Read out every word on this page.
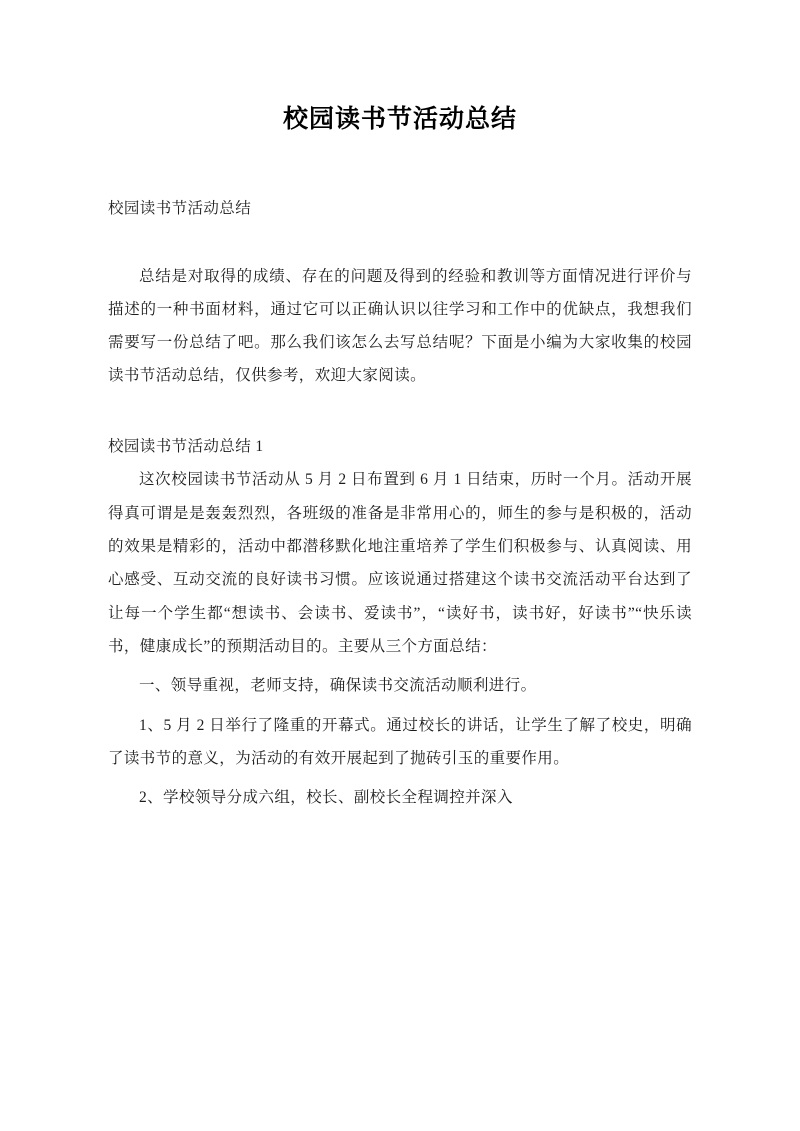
校园读书节活动总结
校园读书节活动总结

总结是对取得的成绩、存在的问题及得到的经验和教训等方面情况进行评价与描述的一种书面材料，通过它可以正确认识以往学习和工作中的优缺点，我想我们需要写一份总结了吧。那么我们该怎么去写总结呢？下面是小编为大家收集的校园读书节活动总结，仅供参考，欢迎大家阅读。

校园读书节活动总结 1

这次校园读书节活动从 5 月 2 日布置到 6 月 1 日结束，历时一个月。活动开展得真可谓是是轰轰烈烈，各班级的准备是非常用心的，师生的参与是积极的，活动的效果是精彩的，活动中都潜移默化地注重培养了学生们积极参与、认真阅读、用心感受、互动交流的良好读书习惯。应该说通过搭建这个读书交流活动平台达到了让每一个学生都“想读书、会读书、爱读书”，“读好书，读书好，好读书”“快乐读书，健康成长”的预期活动目的。主要从三个方面总结：

一、领导重视，老师支持，确保读书交流活动顺利进行。

1、5 月 2 日举行了隆重的开幕式。通过校长的讲话，让学生了解了校史，明确了读书节的意义，为活动的有效开展起到了抛砖引玉的重要作用。

2、学校领导分成六组，校长、副校长全程调控并深入
